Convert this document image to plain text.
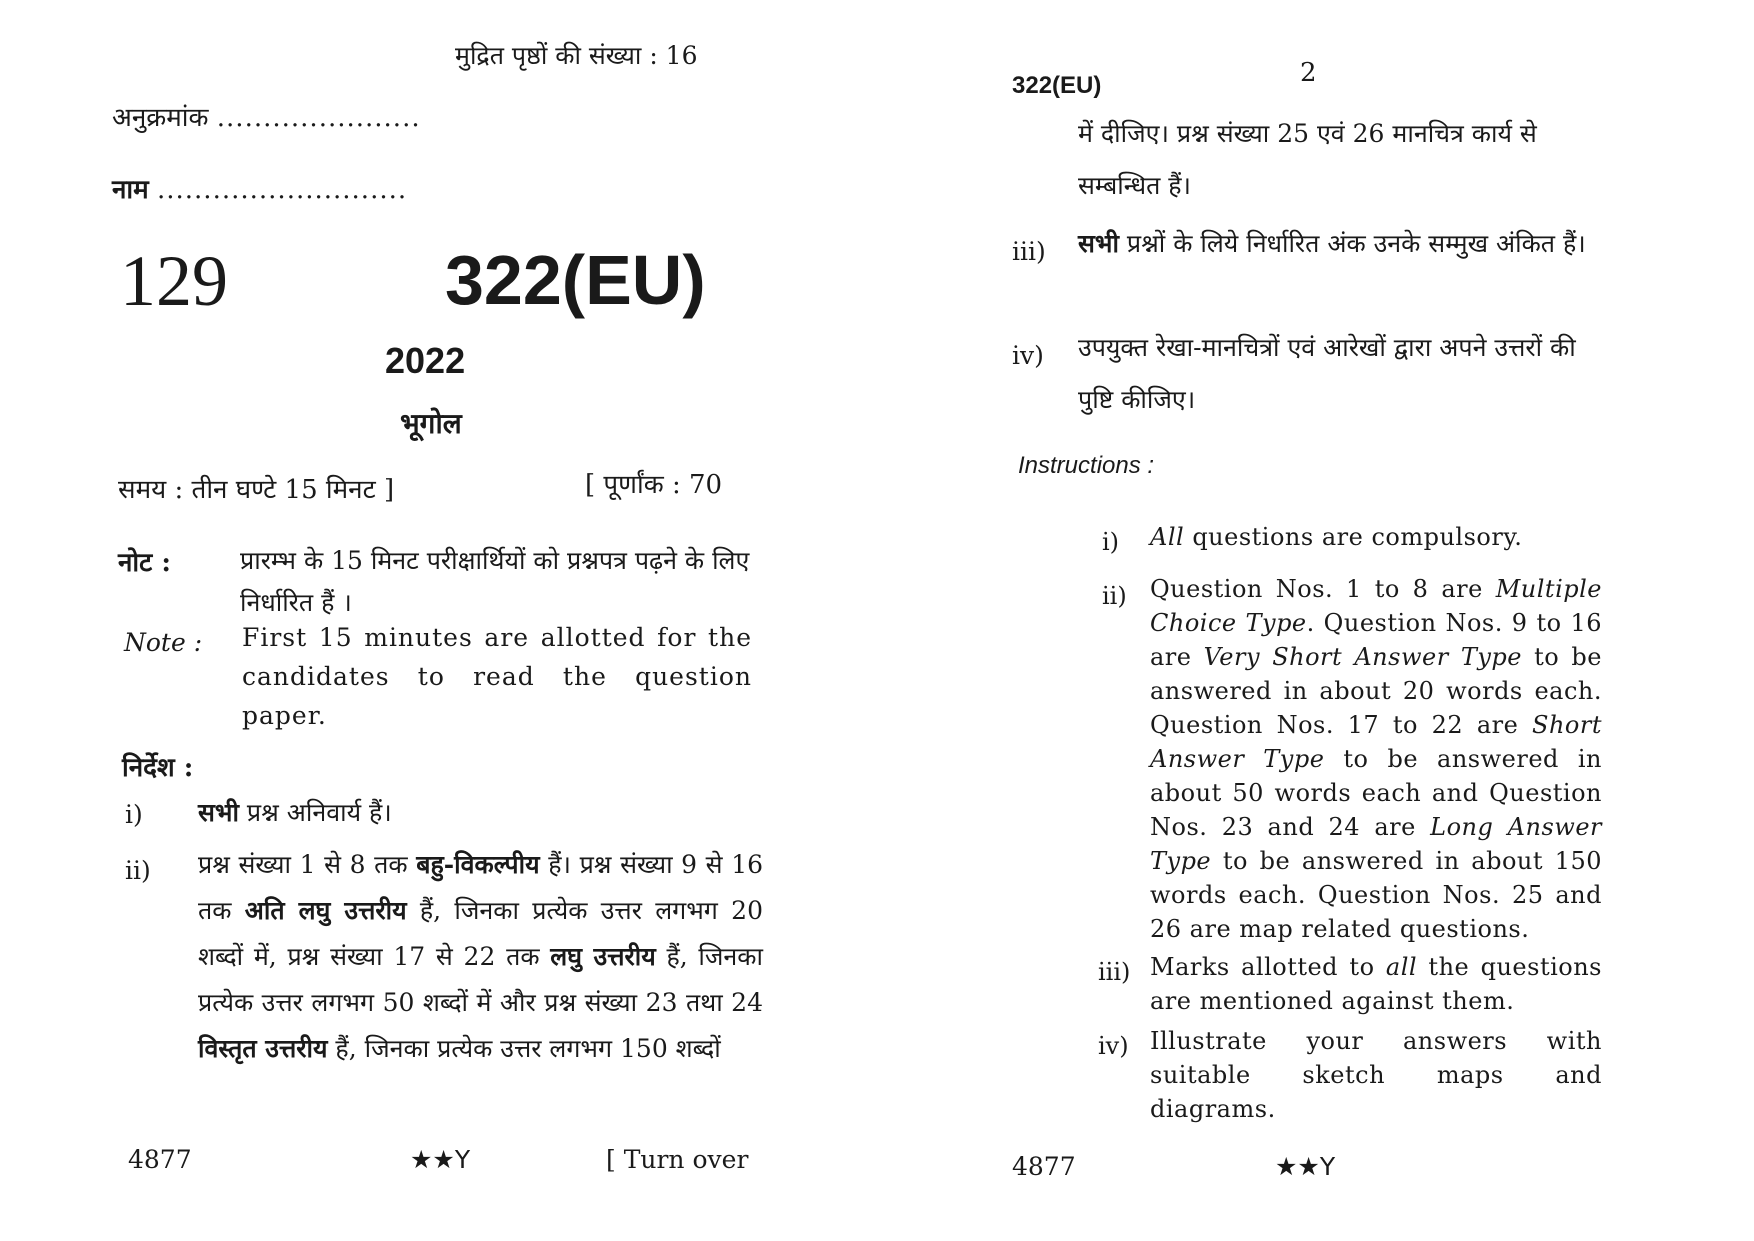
मुद्रित पृष्ठों की संख्या : 16
अनुक्रमांक ......................
नाम ...........................
129	322(EU)
2022
भूगोल
समय : तीन घण्टे 15 मिनट ]	[ पूर्णांक : 70
नोट :	प्रारम्भ के 15 मिनट परीक्षार्थियों को प्रश्नपत्र पढ़ने के लिए निर्धारित हैं ।
Note : First 15 minutes are allotted for the candidates to read the question paper.
निर्देश :
i) सभी प्रश्न अनिवार्य हैं।
ii) प्रश्न संख्या 1 से 8 तक बहु-विकल्पीय हैं। प्रश्न संख्या 9 से 16 तक अति लघु उत्तरीय हैं, जिनका प्रत्येक उत्तर लगभग 20 शब्दों में, प्रश्न संख्या 17 से 22 तक लघु उत्तरीय हैं, जिनका प्रत्येक उत्तर लगभग 50 शब्दों में और प्रश्न संख्या 23 तथा 24 विस्तृत उत्तरीय हैं, जिनका प्रत्येक उत्तर लगभग 150 शब्दों
4877	★★Y	[ Turn over
322(EU)	2
में दीजिए। प्रश्न संख्या 25 एवं 26 मानचित्र कार्य से सम्बन्धित हैं।
iii) सभी प्रश्नों के लिये निर्धारित अंक उनके सम्मुख अंकित हैं।
iv) उपयुक्त रेखा-मानचित्रों एवं आरेखों द्वारा अपने उत्तरों की पुष्टि कीजिए।
Instructions :
i) All questions are compulsory.
ii) Question Nos. 1 to 8 are Multiple Choice Type. Question Nos. 9 to 16 are Very Short Answer Type to be answered in about 20 words each. Question Nos. 17 to 22 are Short Answer Type to be answered in about 50 words each and Question Nos. 23 and 24 are Long Answer Type to be answered in about 150 words each. Question Nos. 25 and 26 are map related questions.
iii) Marks allotted to all the questions are mentioned against them.
iv) Illustrate your answers with suitable sketch maps and diagrams.
4877	★★Y
